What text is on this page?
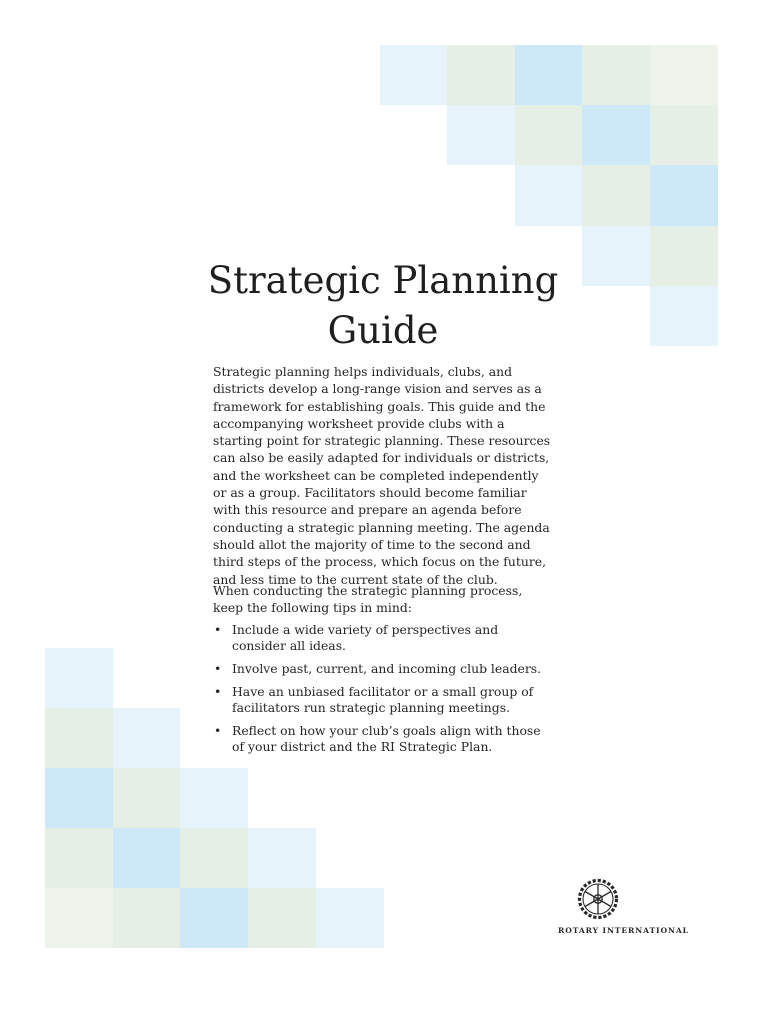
Strategic Planning
Guide

Strategic planning helps individuals, clubs, and districts develop a long-range vision and serves as a framework for establishing goals. This guide and the accompanying worksheet provide clubs with a starting point for strategic planning. These resources can also be easily adapted for individuals or districts, and the worksheet can be completed independently or as a group. Facilitators should become familiar with this resource and prepare an agenda before conducting a strategic planning meeting. The agenda should allot the majority of time to the second and third steps of the process, which focus on the future, and less time to the current state of the club.

When conducting the strategic planning process, keep the following tips in mind:

• Include a wide variety of perspectives and consider all ideas.
• Involve past, current, and incoming club leaders.
• Have an unbiased facilitator or a small group of facilitators run strategic planning meetings.
• Reflect on how your club’s goals align with those of your district and the RI Strategic Plan.
ROTARY INTERNATIONAL
